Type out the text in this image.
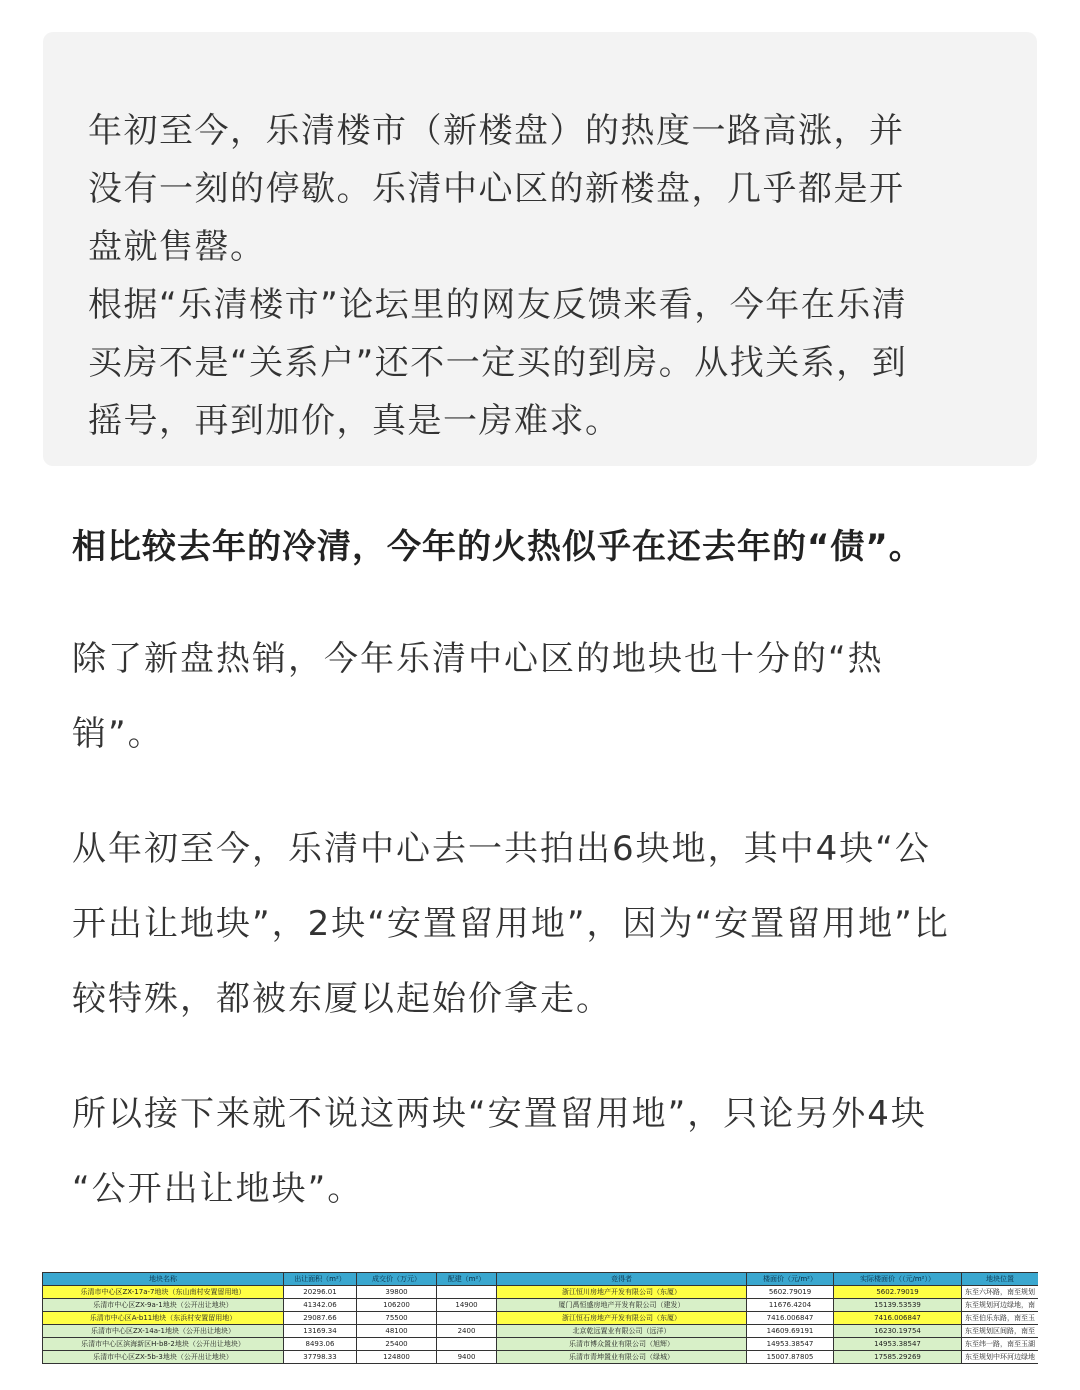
年初至今，乐清楼市（新楼盘）的热度一路高涨，并
没有一刻的停歇。乐清中心区的新楼盘，几乎都是开
盘就售罄。
根据“乐清楼市”论坛里的网友反馈来看，今年在乐清
买房不是“关系户”还不一定买的到房。从找关系，到
摇号，再到加价，真是一房难求。
相比较去年的冷清，今年的火热似乎在还去年的“债”。
除了新盘热销，今年乐清中心区的地块也十分的“热
销”。
从年初至今，乐清中心去一共拍出6块地，其中4块“公
开出让地块”，2块“安置留用地”，因为“安置留用地”比
较特殊，都被东厦以起始价拿走。
所以接下来就不说这两块“安置留用地”，只论另外4块
“公开出让地块”。
地块名称	出让面积（m²）	成交价（万元）	配建（m²）	竞得者	楼面价（元/m²）	实际楼面价（（元/m²））	地块位置
乐清市中心区ZX-17a-7地块（东山南村安置留用地）	20296.01	39800		浙江恒川房地产开发有限公司（东厦）	5602.79019	5602.79019	东至六环路，南至规划
乐清市中心区ZX-9a-1地块（公开出让地块）	41342.06	106200	14900	厦门禹恒盛房地产开发有限公司（建发）	11676.4204	15139.53539	东至规划河边绿地，南
乐清市中心区A-b11地块（东浜村安置留用地）	29087.66	75500		浙江恒石房地产开发有限公司（东厦）	7416.006847	7416.006847	东至伯乐东路，南至玉
乐清市中心区ZX-14a-1地块（公开出让地块）	13169.34	48100	2400	北京乾远置业有限公司（远洋）	14609.69191	16230.19754	东至规划区间路，南至
乐清市中心区滨海新区H-b8-2地块（公开出让地块）	8493.06	25400		乐清市博众置业有限公司（旭辉）	14953.38547	14953.38547	东至纬一路，南至玉湖
乐清市中心区ZX-5b-3地块（公开出让地块）	37798.33	124800	9400	乐清市青坤置业有限公司（绿城）	15007.87805	17585.29269	东至规划中环河边绿地
